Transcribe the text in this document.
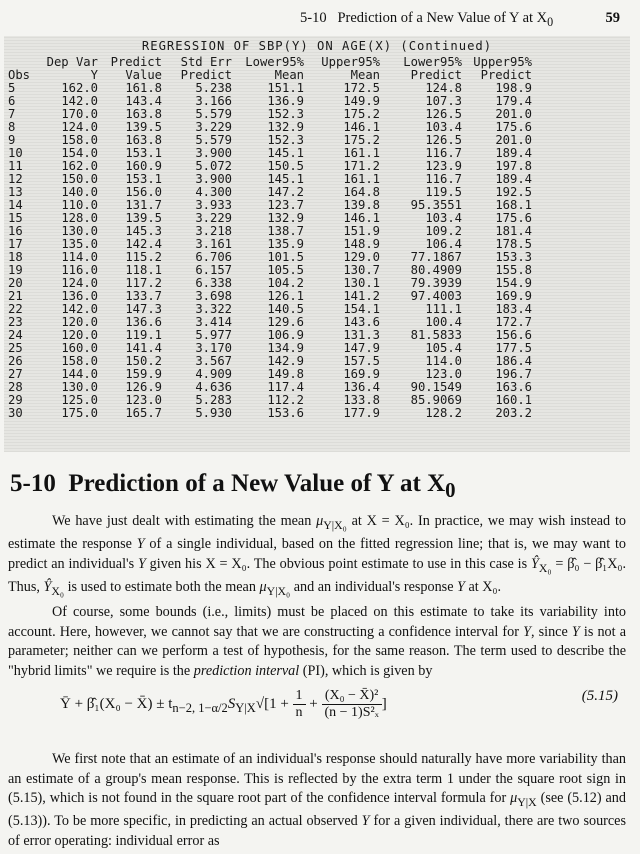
5-10 Prediction of a New Value of Y at $X_0$	59
REGRESSION OF SBP(Y) ON AGE(X) (Continued)
	Dep Var	Predict	Std Err	Lower95%	Upper95%	Lower95%	Upper95%
Obs	Y	Value	Predict	Mean	Mean	Predict	Predict
5	162.0	161.8	5.238	151.1	172.5	124.8	198.9
6	142.0	143.4	3.166	136.9	149.9	107.3	179.4
7	170.0	163.8	5.579	152.3	175.2	126.5	201.0
8	124.0	139.5	3.229	132.9	146.1	103.4	175.6
9	158.0	163.8	5.579	152.3	175.2	126.5	201.0
10	154.0	153.1	3.900	145.1	161.1	116.7	189.4
11	162.0	160.9	5.072	150.5	171.2	123.9	197.8
12	150.0	153.1	3.900	145.1	161.1	116.7	189.4
13	140.0	156.0	4.300	147.2	164.8	119.5	192.5
14	110.0	131.7	3.933	123.7	139.8	95.3551	168.1
15	128.0	139.5	3.229	132.9	146.1	103.4	175.6
16	130.0	145.3	3.218	138.7	151.9	109.2	181.4
17	135.0	142.4	3.161	135.9	148.9	106.4	178.5
18	114.0	115.2	6.706	101.5	129.0	77.1867	153.3
19	116.0	118.1	6.157	105.5	130.7	80.4909	155.8
20	124.0	117.2	6.338	104.2	130.1	79.3939	154.9
21	136.0	133.7	3.698	126.1	141.2	97.4003	169.9
22	142.0	147.3	3.322	140.5	154.1	111.1	183.4
23	120.0	136.6	3.414	129.6	143.6	100.4	172.7
24	120.0	119.1	5.977	106.9	131.3	81.5833	156.6
25	160.0	141.4	3.170	134.9	147.9	105.4	177.5
26	158.0	150.2	3.567	142.9	157.5	114.0	186.4
27	144.0	159.9	4.909	149.8	169.9	123.0	196.7
28	130.0	126.9	4.636	117.4	136.4	90.1549	163.6
29	125.0	123.0	5.283	112.2	133.8	85.9069	160.1
30	175.0	165.7	5.930	153.6	177.9	128.2	203.2
5-10 Prediction of a New Value of Y at $X_0$

We have just dealt with estimating the mean $\mu_{Y|X_0}$ at X = X₀. In practice, we may wish instead to estimate the response Y of a single individual, based on the fitted regression line; that is, we may want to predict an individual's Y given his X = X₀. The obvious point estimate to use in this case is $Ŷ_{X_0}$ = β̂₀ − β̂₁X₀. Thus, $Ŷ_{X_0}$ is used to estimate both the mean $\mu_{Y|X_0}$ and an individual's response Y at X₀.

Of course, some bounds (i.e., limits) must be placed on this estimate to take its variability into account. Here, however, we cannot say that we are constructing a confidence interval for Y, since Y is not a parameter; neither can we perform a test of hypothesis, for the same reason. The term used to describe the "hybrid limits" we require is the prediction interval (PI), which is given by

Ȳ + β̂₁(X₀ − X̄) ± $t_{n-2, 1-\alpha/2}S_{Y|X}√[1 + \frac{1}{n} + \frac{\text{(X₀ − X̄)²}}{\text{(n − 1)S²ₓ}}$ ]	(5.15)

We first note that an estimate of an individual's response should naturally have more variability than an estimate of a group's mean response. This is reflected by the extra term 1 under the square root sign in (5.15), which is not found in the square root part of the confidence interval formula for $\mu_{Y|X}$ (see (5.12) and (5.13)). To be more specific, in predicting an actual observed Y for a given individual, there are two sources of error operating: individual error as
